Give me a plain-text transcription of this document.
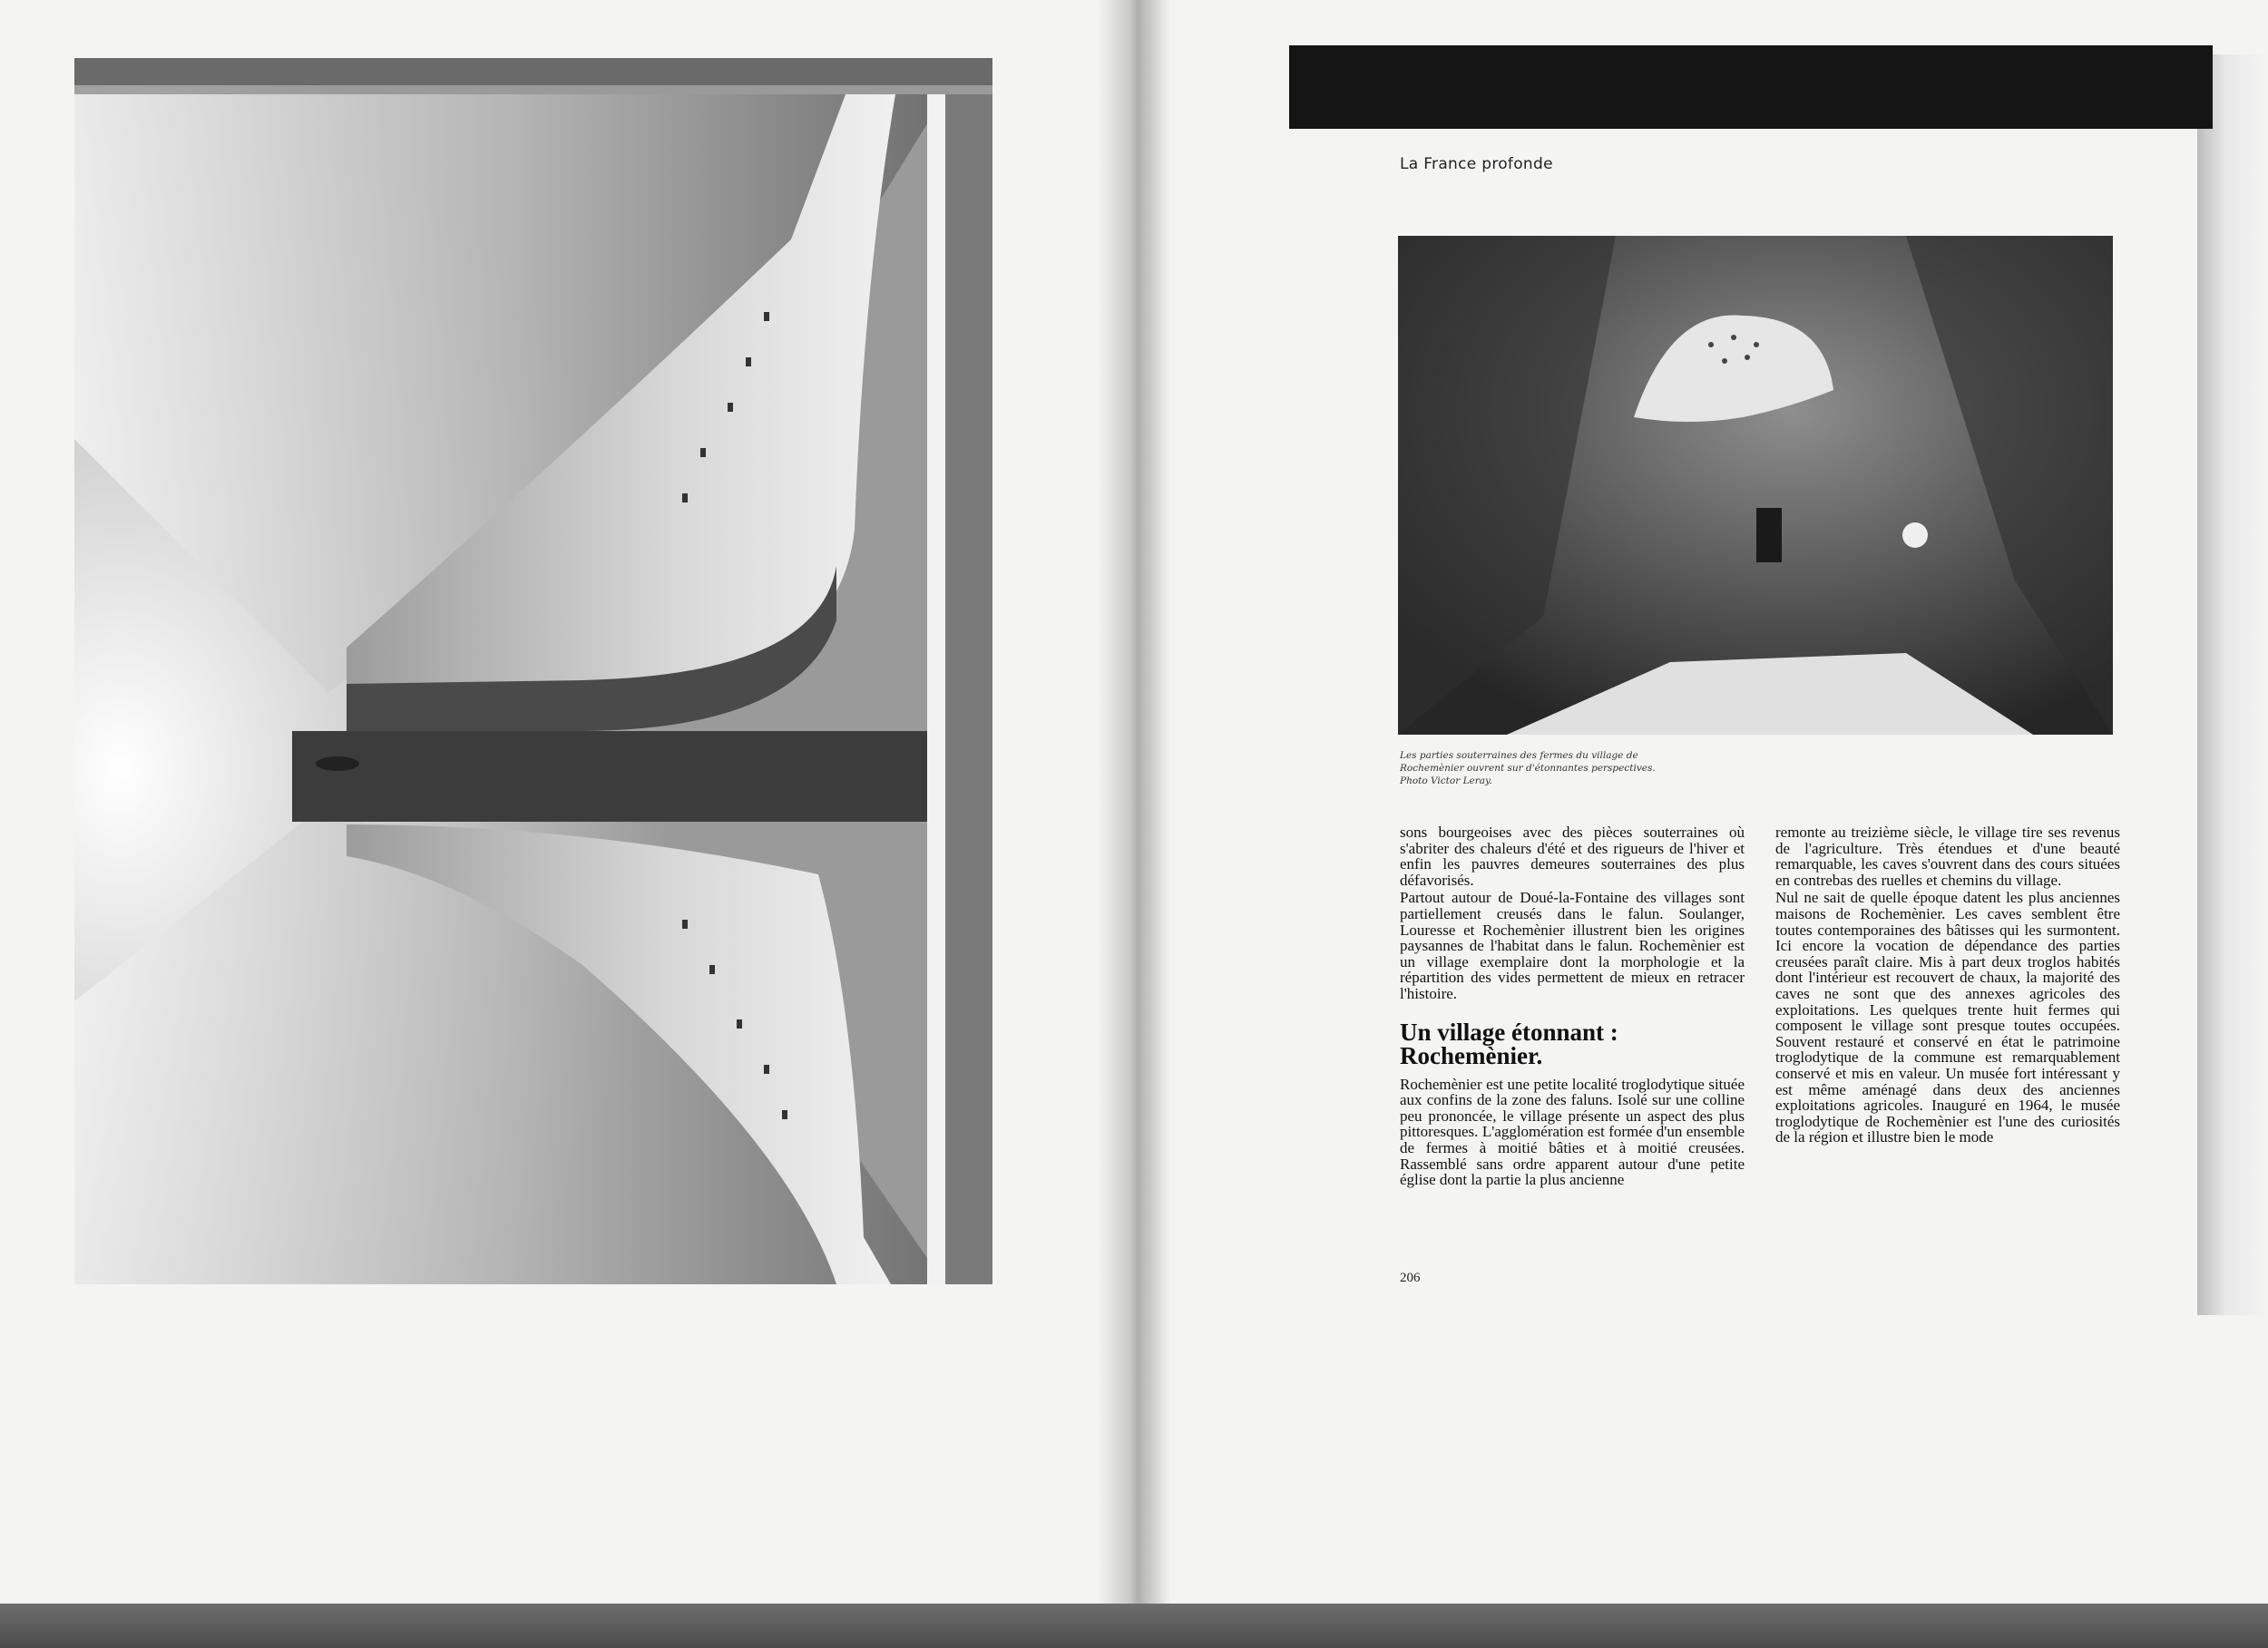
La France profonde
Les parties souterraines des fermes du village de Rochemènier ouvrent sur d'étonnantes perspectives. Photo Victor Leray.

sons bourgeoises avec des pièces souterraines où s'abriter des chaleurs d'été et des rigueurs de l'hiver et enfin les pauvres demeures souterraines des plus défavorisés.

Partout autour de Doué-la-Fontaine des villages sont partiellement creusés dans le falun. Soulanger, Louresse et Rochemènier illustrent bien les origines paysannes de l'habitat dans le falun. Rochemènier est un village exemplaire dont la morphologie et la répartition des vides permettent de mieux en retracer l'histoire.

Un village étonnant : Rochemènier.

Rochemènier est une petite localité troglodytique située aux confins de la zone des faluns. Isolé sur une colline peu prononcée, le village présente un aspect des plus pittoresques. L'agglomération est formée d'un ensemble de fermes à moitié bâties et à moitié creusées. Rassemblé sans ordre apparent autour d'une petite église dont la partie la plus ancienne

remonte au treizième siècle, le village tire ses revenus de l'agriculture. Très étendues et d'une beauté remarquable, les caves s'ouvrent dans des cours situées en contrebas des ruelles et chemins du village.

Nul ne sait de quelle époque datent les plus anciennes maisons de Rochemènier. Les caves semblent être toutes contemporaines des bâtisses qui les surmontent. Ici encore la vocation de dépendance des parties creusées paraît claire. Mis à part deux troglos habités dont l'intérieur est recouvert de chaux, la majorité des caves ne sont que des annexes agricoles des exploitations. Les quelques trente huit fermes qui composent le village sont presque toutes occupées. Souvent restauré et conservé en état le patrimoine troglodytique de la commune est remarquablement conservé et mis en valeur. Un musée fort intéressant y est même aménagé dans deux des anciennes exploitations agricoles. Inauguré en 1964, le musée troglodytique de Rochemènier est l'une des curiosités de la région et illustre bien le mode

206
